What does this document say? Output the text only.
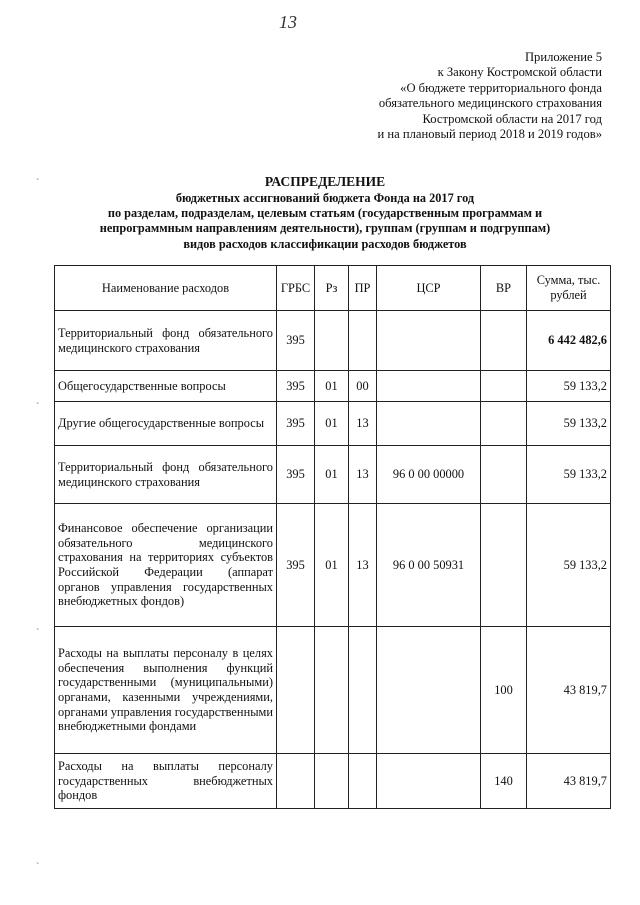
13
Приложение 5
к Закону Костромской области
«О бюджете территориального фонда
обязательного медицинского страхования
Костромской области на 2017 год
и на плановый период 2018 и 2019 годов»
РАСПРЕДЕЛЕНИЕ
бюджетных ассигнований бюджета Фонда на 2017 год
по разделам, подразделам, целевым статьям (государственным программам и
непрограммным направлениям деятельности), группам (группам и подгруппам)
видов расходов классификации расходов бюджетов
ˋ
ˋ
ˋ
ˋ
Наименование расходов	ГРБС	Рз	ПР	ЦСР	ВР	Сумма, тыс. рублей
Территориальный фонд обязательного медицинского страхования	395					6 442 482,6
Общегосударственные вопросы	395	01	00			59 133,2
Другие общегосударственные вопросы	395	01	13			59 133,2
Территориальный фонд обязательного медицинского страхования	395	01	13	96 0 00 00000		59 133,2
Финансовое обеспечение организации обязательного медицинского страхования на территориях субъектов Российской Федерации (аппарат органов управления государственных внебюджетных фондов)	395	01	13	96 0 00 50931		59 133,2
Расходы на выплаты персоналу в целях обеспечения выполнения функций государственными (муниципальными) органами, казенными учреждениями, органами управления государственными внебюджетными фондами					100	43 819,7
Расходы на выплаты персоналу государственных внебюджетных фондов					140	43 819,7
